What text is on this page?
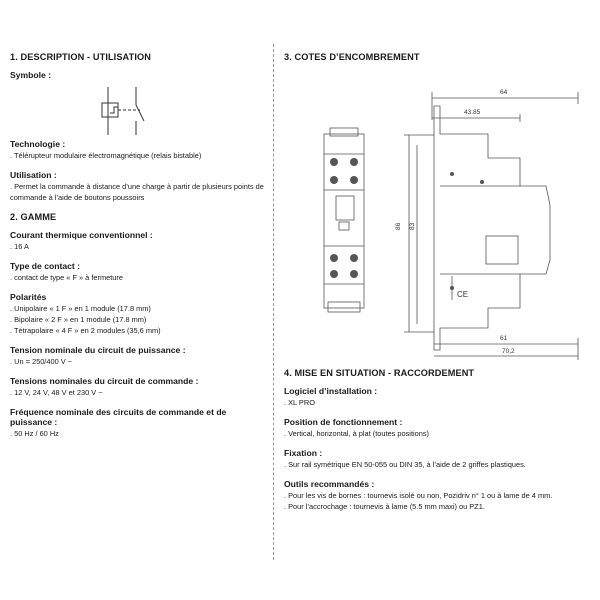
1. DESCRIPTION - UTILISATION
Symbole :
Technologie :

. Télérupteur modulaire électromagnétique (relais bistable)

Utilisation :

. Permet la commande à distance d’une charge à partir de plusieurs points de commande à l’aide de boutons poussoirs

2. GAMME
Courant thermique conventionnel :

. 16 A

Type de contact :

. contact de type « F » à fermeture

Polarités

. Unipolaire « 1 F » en 1 module (17.8 mm)

. Bipolaire « 2 F » en 1 module (17.8 mm)

. Tétrapolaire « 4 F » en 2 modules (35,6 mm)

Tension nominale du circuit de puissance :

. Un = 250/400 V ~

Tensions nominales du circuit de commande :

. 12 V, 24 V, 48 V et 230 V ~

Fréquence nominale des circuits de commande et de puissance :

. 50 Hz / 60 Hz

3. COTES D’ENCOMBREMENT
64
43.85
86 83
61
70,2
CE
4. MISE EN SITUATION - RACCORDEMENT
Logiciel d’installation :

. XL PRO

Position de fonctionnement :

. Vertical, horizontal, à plat (toutes positions)

Fixation :

. Sur rail symétrique EN 50-055 ou DIN 35, à l’aide de 2 griffes plastiques.

Outils recommandés :

. Pour les vis de bornes : tournevis isolé ou non, Pozidriv n° 1 ou à lame de 4 mm.

. Pour l’accrochage : tournevis à lame (5.5 mm maxi) ou PZ1.
